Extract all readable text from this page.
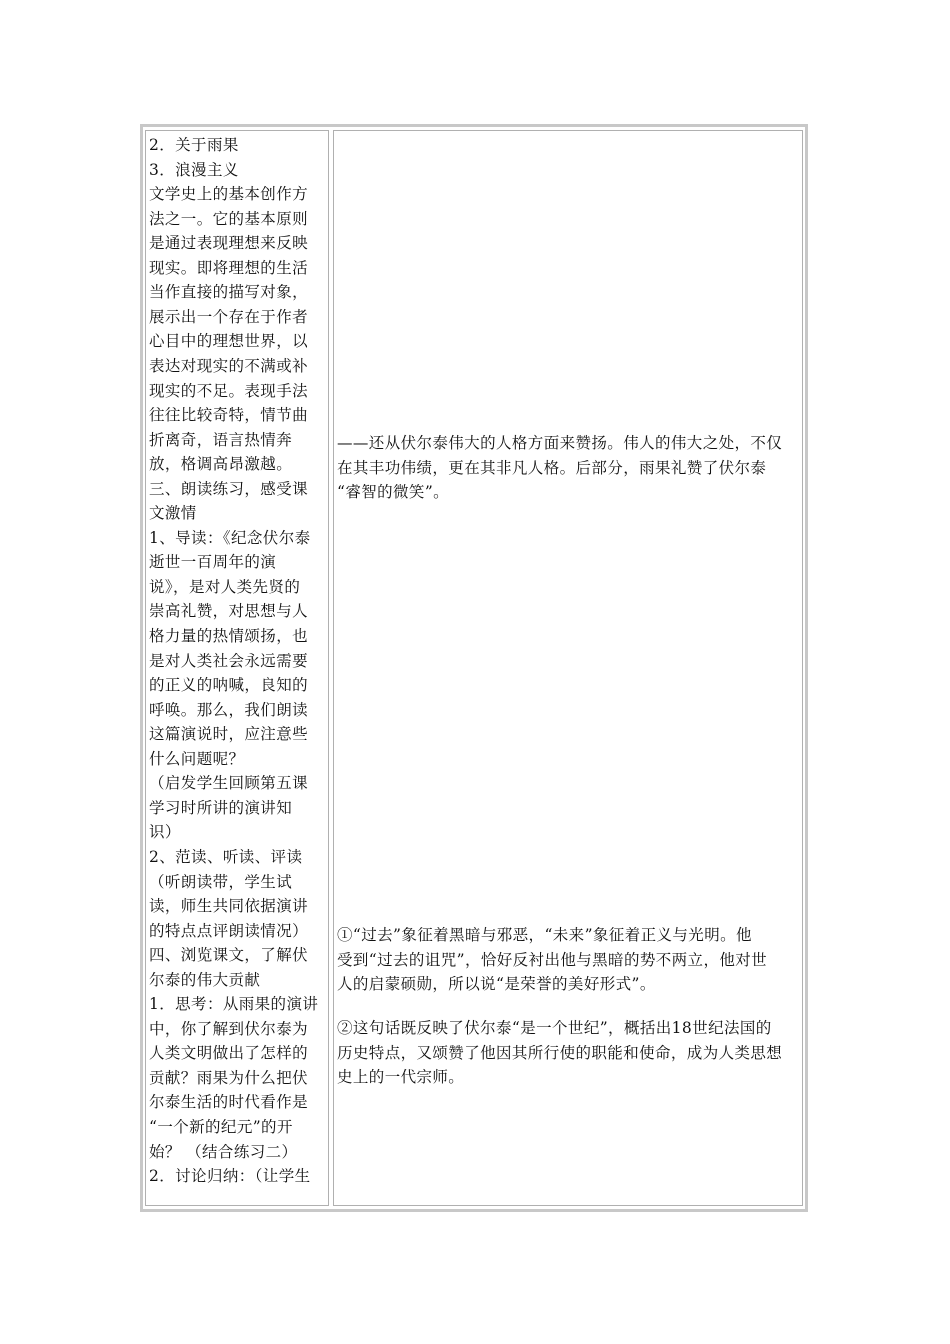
2．关于雨果
3．浪漫主义
文学史上的基本创作方
法之一。它的基本原则
是通过表现理想来反映
现实。即将理想的生活
当作直接的描写对象，
展示出一个存在于作者
心目中的理想世界，以
表达对现实的不满或补
现实的不足。表现手法
往往比较奇特，情节曲
折离奇，语言热情奔
放，格调高昂激越。
三、朗读练习，感受课
文激情
1、导读：《纪念伏尔泰
逝世一百周年的演
说》，是对人类先贤的
崇高礼赞，对思想与人
格力量的热情颂扬，也
是对人类社会永远需要
的正义的呐喊，良知的
呼唤。那么，我们朗读
这篇演说时，应注意些
什么问题呢？
（启发学生回顾第五课
学习时所讲的演讲知
识）
2、范读、听读、评读
（听朗读带，学生试
读，师生共同依据演讲
的特点点评朗读情况）
四、浏览课文，了解伏
尔泰的伟大贡献
1．思考：从雨果的演讲
中，你了解到伏尔泰为
人类文明做出了怎样的
贡献？雨果为什么把伏
尔泰生活的时代看作是
“一个新的纪元”的开
始？ （结合练习二）
2．讨论归纳：（让学生
——还从伏尔泰伟大的人格方面来赞扬。伟人的伟大之处，不仅
在其丰功伟绩，更在其非凡人格。后部分，雨果礼赞了伏尔泰
“睿智的微笑”。
①“过去”象征着黑暗与邪恶，“未来”象征着正义与光明。他
受到“过去的诅咒”，恰好反衬出他与黑暗的势不两立，他对世
人的启蒙硕勋，所以说“是荣誉的美好形式”。
②这句话既反映了伏尔泰“是一个世纪”，概括出18世纪法国的
历史特点，又颂赞了他因其所行使的职能和使命，成为人类思想
史上的一代宗师。
